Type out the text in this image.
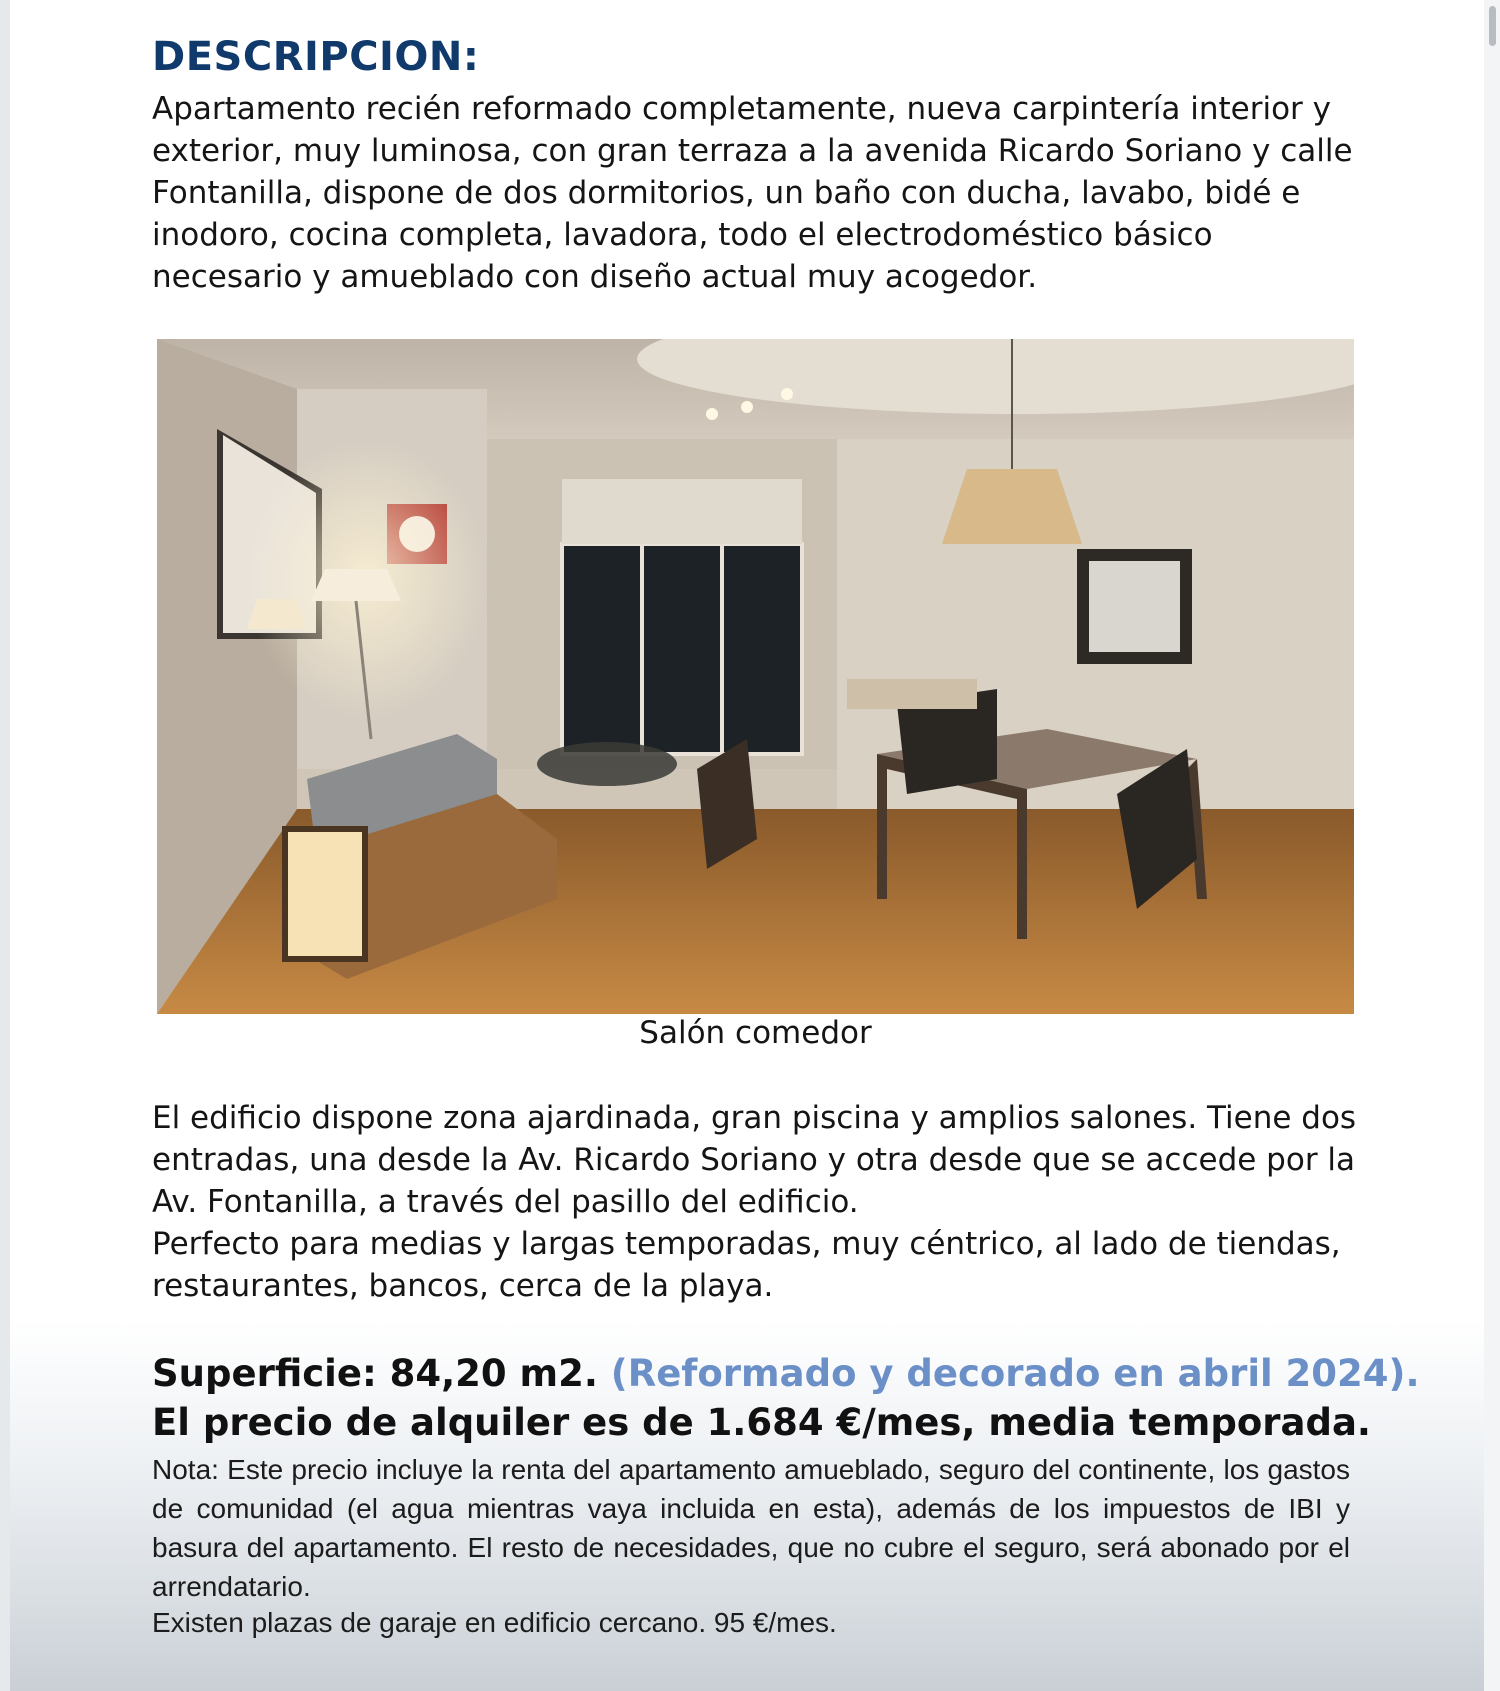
DESCRIPCION:
Apartamento recién reformado completamente, nueva carpintería interior y exterior, muy luminosa, con gran terraza a la avenida Ricardo Soriano y calle Fontanilla, dispone de dos dormitorios, un baño con ducha, lavabo, bidé e inodoro, cocina completa, lavadora, todo el electrodoméstico básico necesario y amueblado con diseño actual muy acogedor.
Salón comedor

El edificio dispone zona ajardinada, gran piscina y amplios salones. Tiene dos entradas, una desde la Av. Ricardo Soriano y otra desde que se accede por la Av. Fontanilla, a través del pasillo del edificio.

Perfecto para medias y largas temporadas, muy céntrico, al lado de tiendas, restaurantes, bancos, cerca de la playa.

Superficie: 84,20 m2. (Reformado y decorado en abril 2024).
El precio de alquiler es de 1.684 €/mes, media temporada.

Nota: Este precio incluye la renta del apartamento amueblado, seguro del continente, los gastos de comunidad (el agua mientras vaya incluida en esta), además de los impuestos de IBI y basura del apartamento. El resto de necesidades, que no cubre el seguro, será abonado por el arrendatario.

Existen plazas de garaje en edificio cercano. 95 €/mes.
